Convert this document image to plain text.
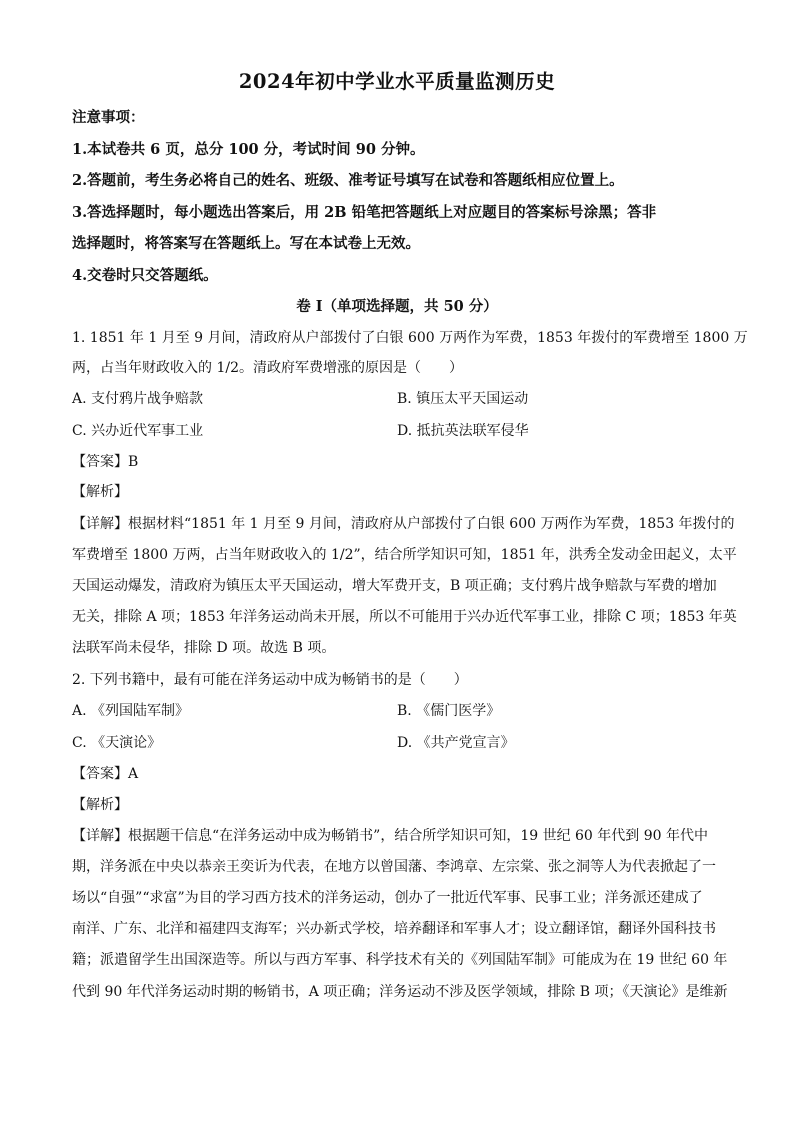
2024年初中学业水平质量监测历史
注意事项：
1.本试卷共 6 页，总分 100 分，考试时间 90 分钟。
2.答题前，考生务必将自己的姓名、班级、准考证号填写在试卷和答题纸相应位置上。
3.答选择题时，每小题选出答案后，用 2B 铅笔把答题纸上对应题目的答案标号涂黑；答非
选择题时，将答案写在答题纸上。写在本试卷上无效。
4.交卷时只交答题纸。
卷 I（单项选择题，共 50 分）
1. 1851 年 1 月至 9 月间，清政府从户部拨付了白银 600 万两作为军费，1853 年拨付的军费增至 1800 万
两，占当年财政收入的 1/2。清政府军费增涨的原因是（　　）
A. 支付鸦片战争赔款	B. 镇压太平天国运动
C. 兴办近代军事工业	D. 抵抗英法联军侵华
【答案】B
【解析】
【详解】根据材料“1851 年 1 月至 9 月间，清政府从户部拨付了白银 600 万两作为军费，1853 年拨付的
军费增至 1800 万两，占当年财政收入的 1/2”，结合所学知识可知，1851 年，洪秀全发动金田起义，太平
天国运动爆发，清政府为镇压太平天国运动，增大军费开支，B 项正确；支付鸦片战争赔款与军费的增加
无关，排除 A 项；1853 年洋务运动尚未开展，所以不可能用于兴办近代军事工业，排除 C 项；1853 年英
法联军尚未侵华，排除 D 项。故选 B 项。
2. 下列书籍中，最有可能在洋务运动中成为畅销书的是（　　）
A. 《列国陆军制》	B. 《儒门医学》
C. 《天演论》	D. 《共产党宣言》
【答案】A
【解析】
【详解】根据题干信息“在洋务运动中成为畅销书”，结合所学知识可知，19 世纪 60 年代到 90 年代中
期，洋务派在中央以恭亲王奕䜣为代表，在地方以曾国藩、李鸿章、左宗棠、张之洞等人为代表掀起了一
场以“自强”“求富”为目的学习西方技术的洋务运动，创办了一批近代军事、民事工业；洋务派还建成了
南洋、广东、北洋和福建四支海军；兴办新式学校，培养翻译和军事人才；设立翻译馆，翻译外国科技书
籍；派遣留学生出国深造等。所以与西方军事、科学技术有关的《列国陆军制》可能成为在 19 世纪 60 年
代到 90 年代洋务运动时期的畅销书，A 项正确；洋务运动不涉及医学领域，排除 B 项；《天演论》是维新
